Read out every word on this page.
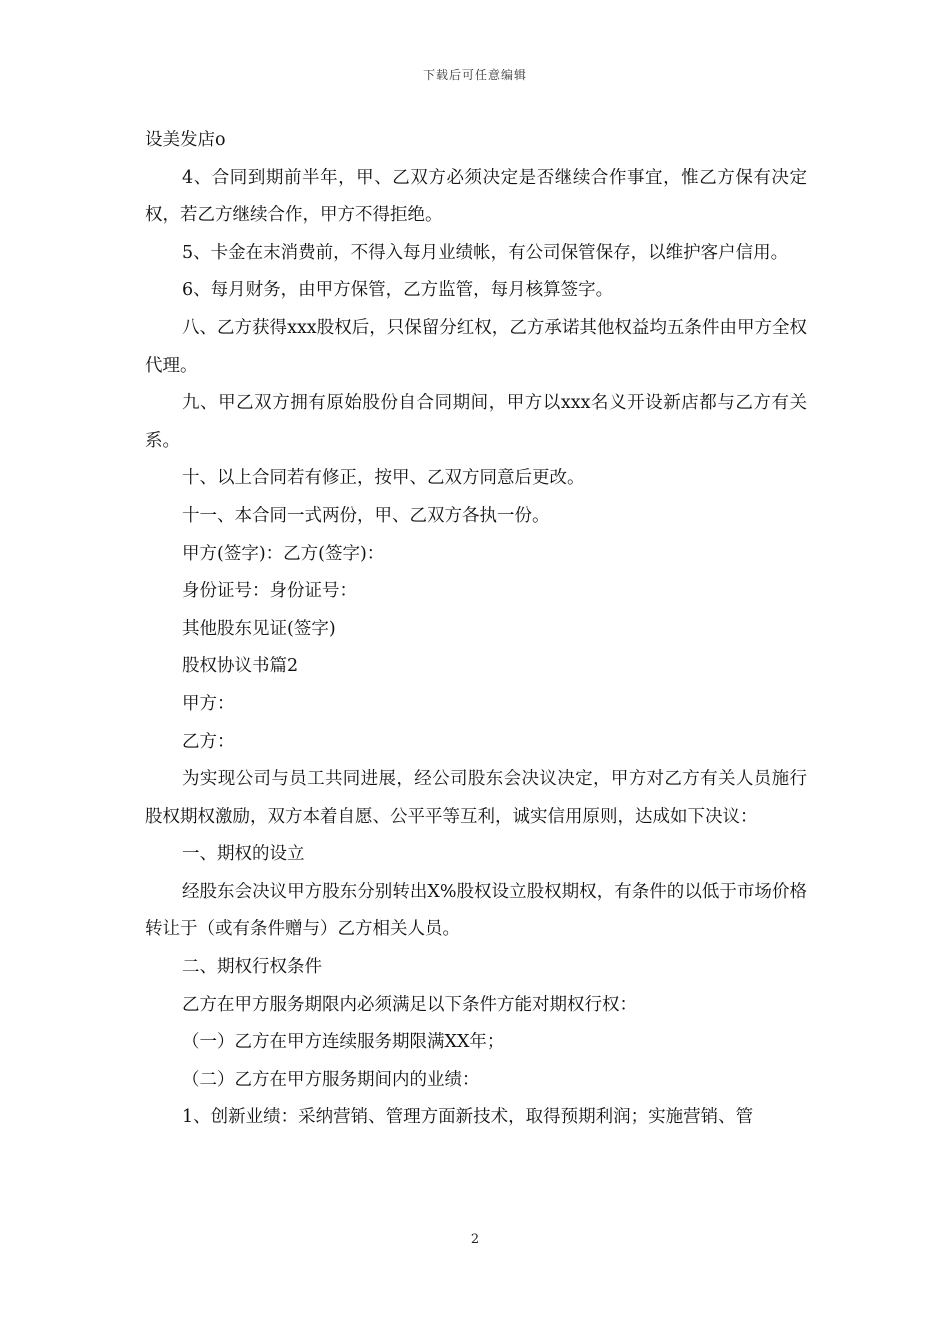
下载后可任意编辑

设美发店o

4、合同到期前半年，甲、乙双方必须决定是否继续合作事宜，惟乙方保有决定权，若乙方继续合作，甲方不得拒绝。

5、卡金在末消费前，不得入每月业绩帐，有公司保管保存，以维护客户信用。

6、每月财务，由甲方保管，乙方监管，每月核算签字。

八、乙方获得xxx股权后，只保留分红权，乙方承诺其他权益均五条件由甲方全权代理。

九、甲乙双方拥有原始股份自合同期间，甲方以xxx名义开设新店都与乙方有关系。

十、以上合同若有修正，按甲、乙双方同意后更改。

十一、本合同一式两份，甲、乙双方各执一份。

甲方(签字)：乙方(签字)：

身份证号：身份证号：

其他股东见证(签字)

股权协议书篇2

甲方：

乙方：

为实现公司与员工共同进展，经公司股东会决议决定，甲方对乙方有关人员施行股权期权激励，双方本着自愿、公平平等互利，诚实信用原则，达成如下决议：

一、期权的设立

经股东会决议甲方股东分别转出X%股权设立股权期权，有条件的以低于市场价格转让于（或有条件赠与）乙方相关人员。

二、期权行权条件

乙方在甲方服务期限内必须满足以下条件方能对期权行权：

（一）乙方在甲方连续服务期限满XX年；

（二）乙方在甲方服务期间内的业绩：

1、创新业绩：采纳营销、管理方面新技术，取得预期利润；实施营销、管

2
